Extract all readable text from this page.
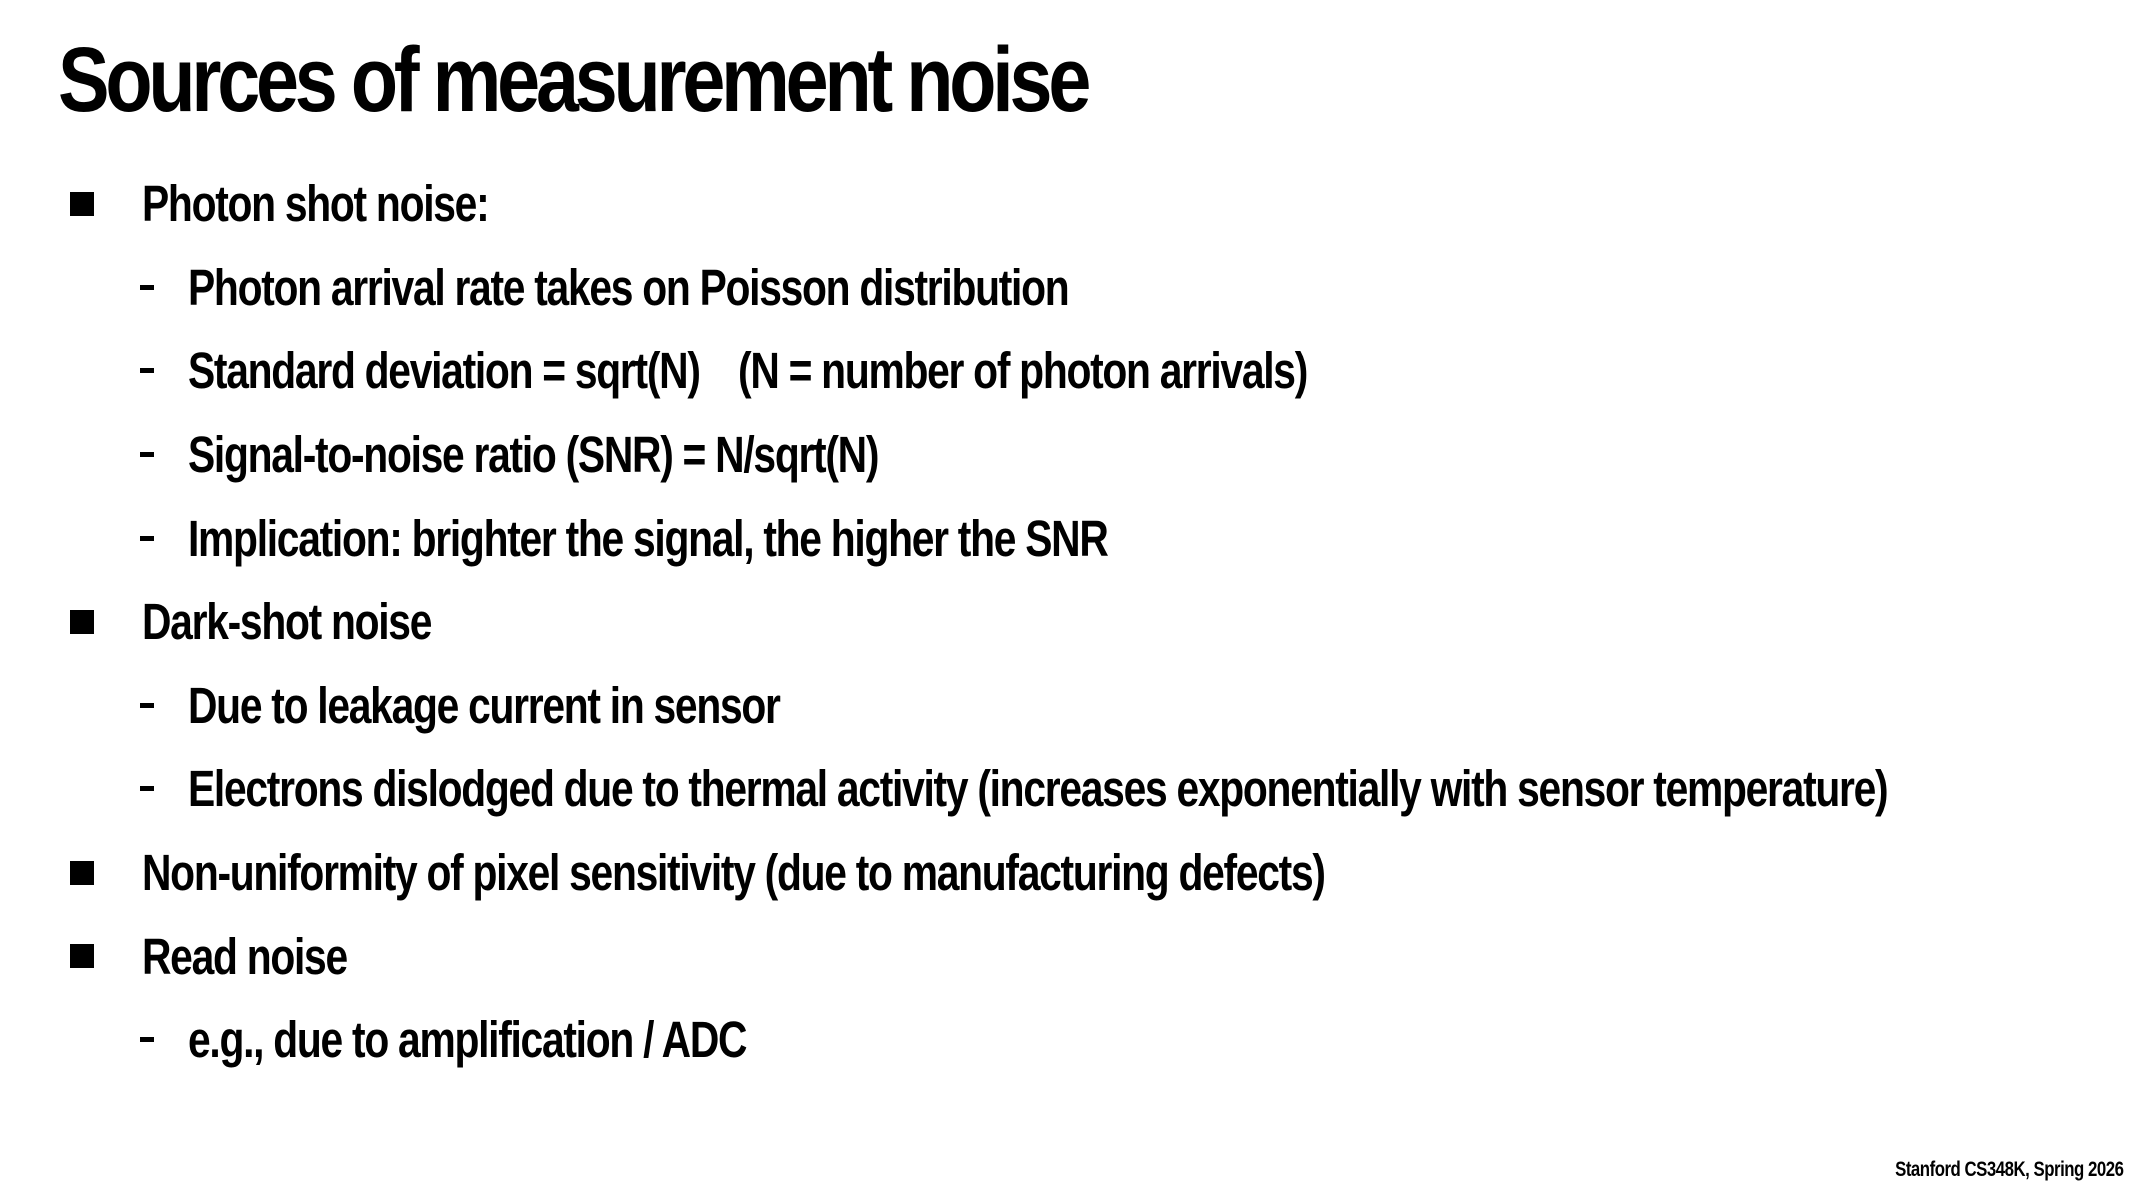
Sources of measurement noise
Photon shot noise:
Photon arrival rate takes on Poisson distribution
Standard deviation = sqrt(N) (N = number of photon arrivals)
Signal-to-noise ratio (SNR) = N/sqrt(N)
Implication: brighter the signal, the higher the SNR
Dark-shot noise
Due to leakage current in sensor
Electrons dislodged due to thermal activity (increases exponentially with sensor temperature)
Non-uniformity of pixel sensitivity (due to manufacturing defects)
Read noise
e.g., due to amplification / ADC
Stanford CS348K, Spring 2026
